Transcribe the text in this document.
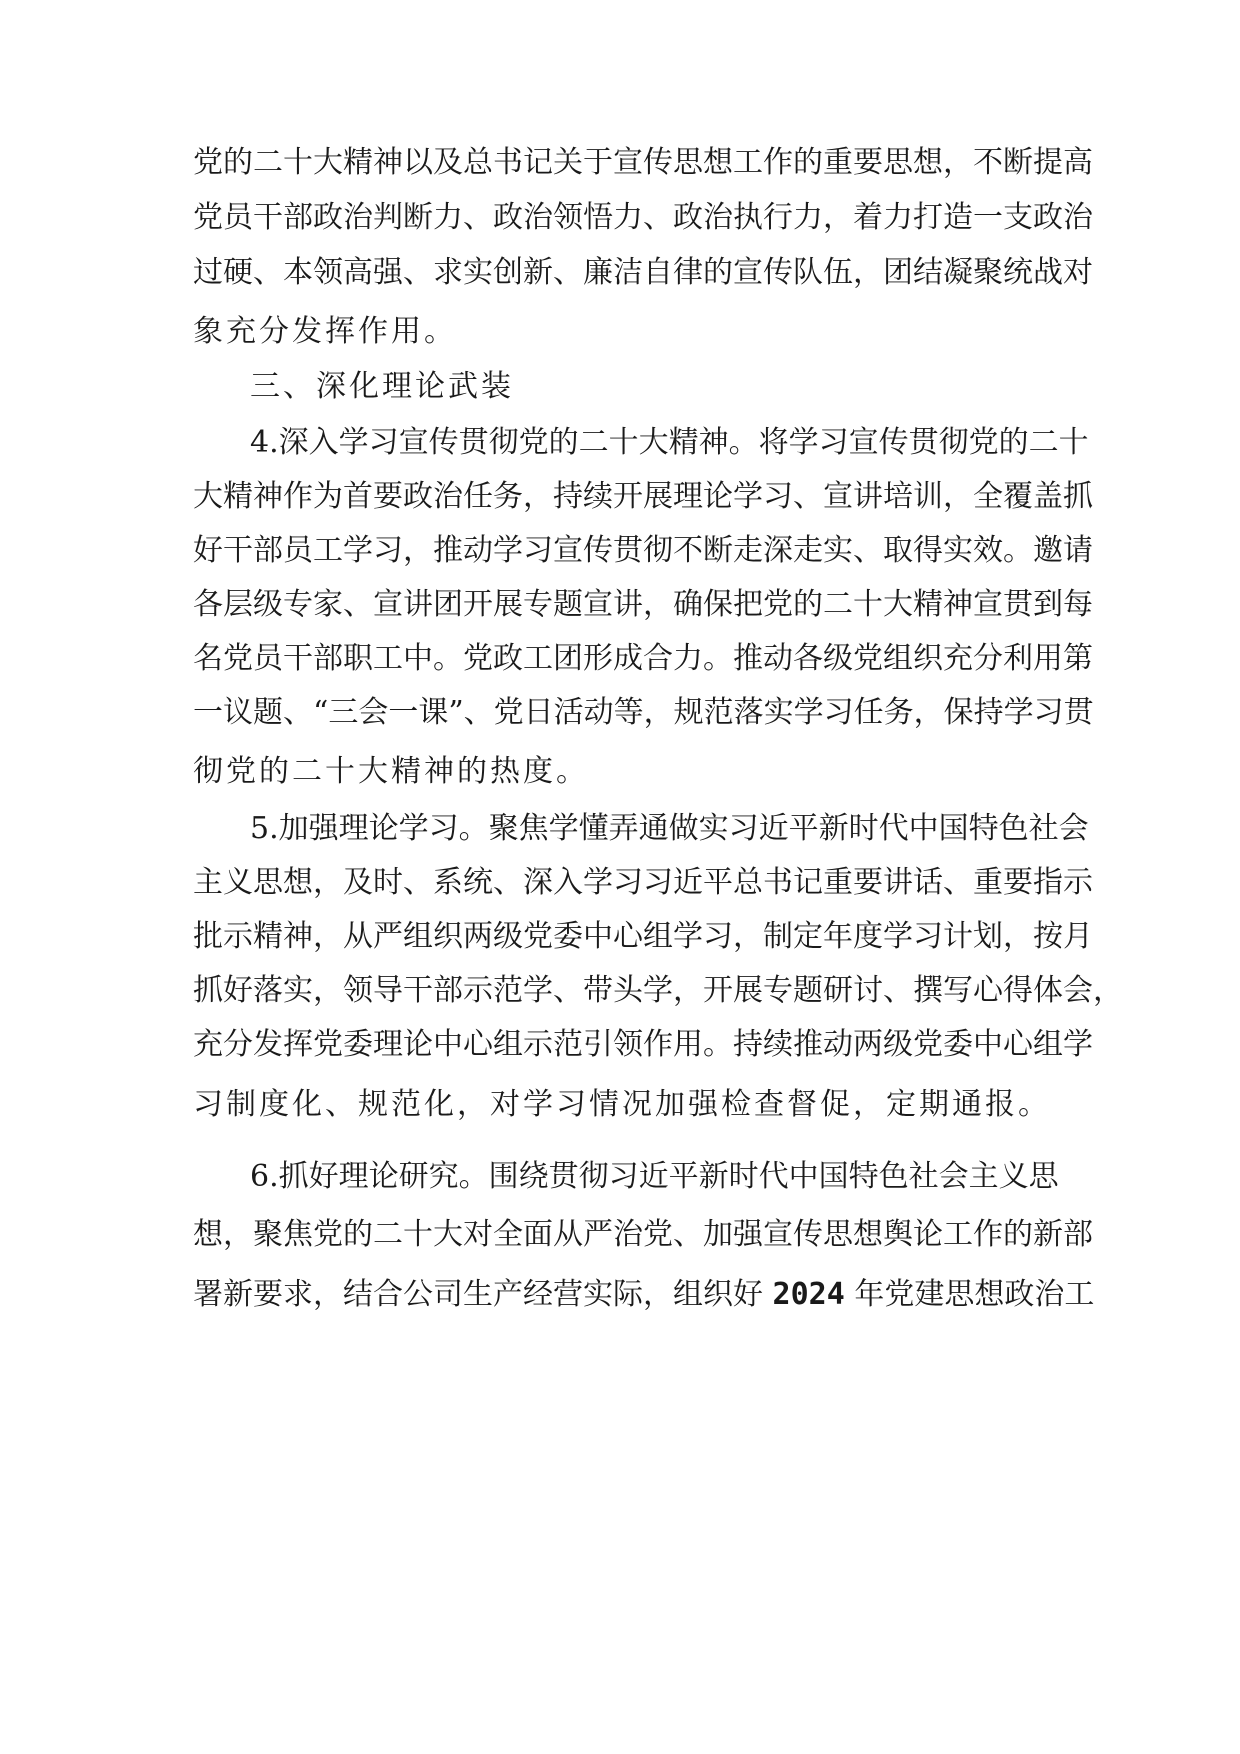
党的二十大精神以及总书记关于宣传思想工作的重要思想，不断提高
党员干部政治判断力、政治领悟力、政治执行力，着力打造一支政治
过硬、本领高强、求实创新、廉洁自律的宣传队伍，团结凝聚统战对
象充分发挥作用。
三、深化理论武装
4.深入学习宣传贯彻党的二十大精神。将学习宣传贯彻党的二十
大精神作为首要政治任务，持续开展理论学习、宣讲培训，全覆盖抓
好干部员工学习，推动学习宣传贯彻不断走深走实、取得实效。邀请
各层级专家、宣讲团开展专题宣讲，确保把党的二十大精神宣贯到每
名党员干部职工中。党政工团形成合力。推动各级党组织充分利用第
一议题、“三会一课”、党日活动等，规范落实学习任务，保持学习贯
彻党的二十大精神的热度。
5.加强理论学习。聚焦学懂弄通做实习近平新时代中国特色社会
主义思想，及时、系统、深入学习习近平总书记重要讲话、重要指示
批示精神，从严组织两级党委中心组学习，制定年度学习计划，按月
抓好落实，领导干部示范学、带头学，开展专题研讨、撰写心得体会，
充分发挥党委理论中心组示范引领作用。持续推动两级党委中心组学
习制度化、规范化，对学习情况加强检查督促，定期通报。
6.抓好理论研究。围绕贯彻习近平新时代中国特色社会主义思
想，聚焦党的二十大对全面从严治党、加强宣传思想舆论工作的新部
署新要求，结合公司生产经营实际，组织好 2024 年党建思想政治工
